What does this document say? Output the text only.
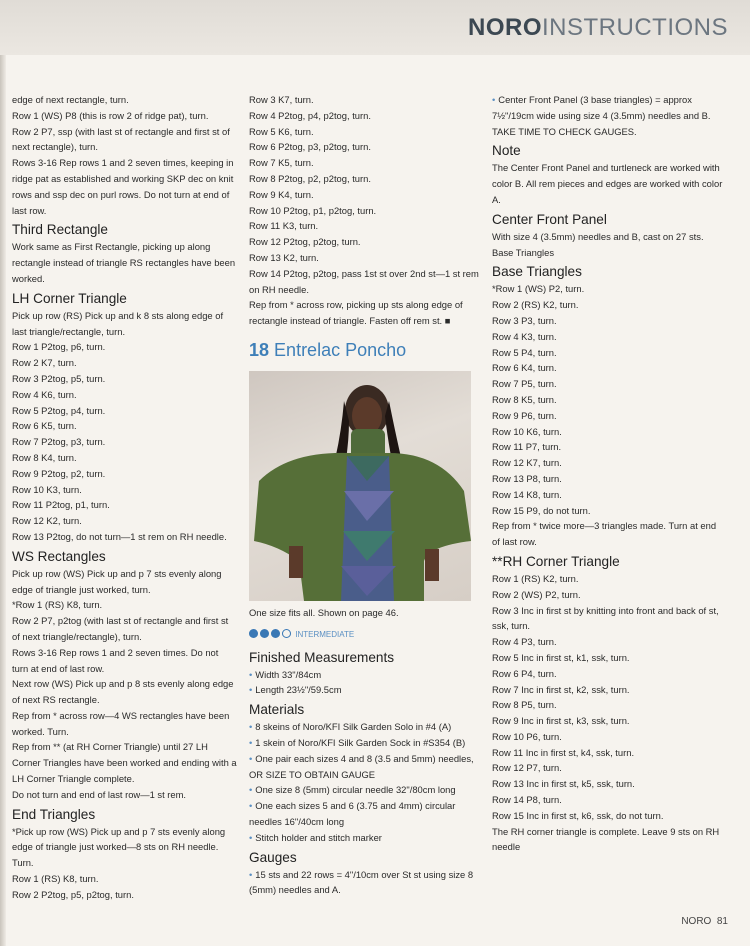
NOROINSTRUCTIONS

edge of next rectangle, turn.

Row 1 (WS) P8 (this is row 2 of ridge pat), turn.

Row 2 P7, ssp (with last st of rectangle and first st of next rectangle), turn.

Rows 3-16 Rep rows 1 and 2 seven times, keeping in ridge pat as established and working SKP dec on knit rows and ssp dec on purl rows. Do not turn at end of last row.

Third Rectangle

Work same as First Rectangle, picking up along rectangle instead of triangle RS rectangles have been worked.

LH Corner Triangle

Pick up row (RS) Pick up and k 8 sts along edge of last triangle/rectangle, turn.

Row 1 P2tog, p6, turn.

Row 2 K7, turn.

Row 3 P2tog, p5, turn.

Row 4 K6, turn.

Row 5 P2tog, p4, turn.

Row 6 K5, turn.

Row 7 P2tog, p3, turn.

Row 8 K4, turn.

Row 9 P2tog, p2, turn.

Row 10 K3, turn.

Row 11 P2tog, p1, turn.

Row 12 K2, turn.

Row 13 P2tog, do not turn—1 st rem on RH needle.

WS Rectangles

Pick up row (WS) Pick up and p 7 sts evenly along edge of triangle just worked, turn.

*Row 1 (RS) K8, turn.

Row 2 P7, p2tog (with last st of rectangle and first st of next triangle/rectangle), turn.

Rows 3-16 Rep rows 1 and 2 seven times. Do not turn at end of last row.

Next row (WS) Pick up and p 8 sts evenly along edge of next RS rectangle.

Rep from * across row—4 WS rectangles have been worked. Turn.

Rep from ** (at RH Corner Triangle) until 27 LH Corner Triangles have been worked and ending with a LH Corner Triangle complete.

Do not turn and end of last row—1 st rem.

End Triangles

*Pick up row (WS) Pick up and p 7 sts evenly along edge of triangle just worked—8 sts on RH needle. Turn.

Row 1 (RS) K8, turn.

Row 2 P2tog, p5, p2tog, turn.

Row 3 K7, turn.

Row 4 P2tog, p4, p2tog, turn.

Row 5 K6, turn.

Row 6 P2tog, p3, p2tog, turn.

Row 7 K5, turn.

Row 8 P2tog, p2, p2tog, turn.

Row 9 K4, turn.

Row 10 P2tog, p1, p2tog, turn.

Row 11 K3, turn.

Row 12 P2tog, p2tog, turn.

Row 13 K2, turn.

Row 14 P2tog, p2tog, pass 1st st over 2nd st—1 st rem on RH needle.

Rep from * across row, picking up sts along edge of rectangle instead of triangle. Fasten off rem st. ■

18 Entrelac Poncho

One size fits all. Shown on page 46.

INTERMEDIATE
Finished Measurements

• Width 33"/84cm

• Length 23½"/59.5cm

Materials

• 8 skeins of Noro/KFI Silk Garden Solo in #4 (A)

• 1 skein of Noro/KFI Silk Garden Sock in #S354 (B)

• One pair each sizes 4 and 8 (3.5 and 5mm) needles, OR SIZE TO OBTAIN GAUGE

• One size 8 (5mm) circular needle 32"/80cm long

• One each sizes 5 and 6 (3.75 and 4mm) circular needles 16"/40cm long

• Stitch holder and stitch marker

Gauges

• 15 sts and 22 rows = 4"/10cm over St st using size 8 (5mm) needles and A.

• Center Front Panel (3 base triangles) = approx 7½"/19cm wide using size 4 (3.5mm) needles and B.

TAKE TIME TO CHECK GAUGES.

Note

The Center Front Panel and turtleneck are worked with color B. All rem pieces and edges are worked with color A.

Center Front Panel

With size 4 (3.5mm) needles and B, cast on 27 sts.

Base Triangles

Base Triangles

*Row 1 (WS) P2, turn.

Row 2 (RS) K2, turn.

Row 3 P3, turn.

Row 4 K3, turn.

Row 5 P4, turn.

Row 6 K4, turn.

Row 7 P5, turn.

Row 8 K5, turn.

Row 9 P6, turn.

Row 10 K6, turn.

Row 11 P7, turn.

Row 12 K7, turn.

Row 13 P8, turn.

Row 14 K8, turn.

Row 15 P9, do not turn.

Rep from * twice more—3 triangles made. Turn at end of last row.

**RH Corner Triangle

Row 1 (RS) K2, turn.

Row 2 (WS) P2, turn.

Row 3 Inc in first st by knitting into front and back of st, ssk, turn.

Row 4 P3, turn.

Row 5 Inc in first st, k1, ssk, turn.

Row 6 P4, turn.

Row 7 Inc in first st, k2, ssk, turn.

Row 8 P5, turn.

Row 9 Inc in first st, k3, ssk, turn.

Row 10 P6, turn.

Row 11 Inc in first st, k4, ssk, turn.

Row 12 P7, turn.

Row 13 Inc in first st, k5, ssk, turn.

Row 14 P8, turn.

Row 15 Inc in first st, k6, ssk, do not turn.

The RH corner triangle is complete. Leave 9 sts on RH needle

NORO 81
